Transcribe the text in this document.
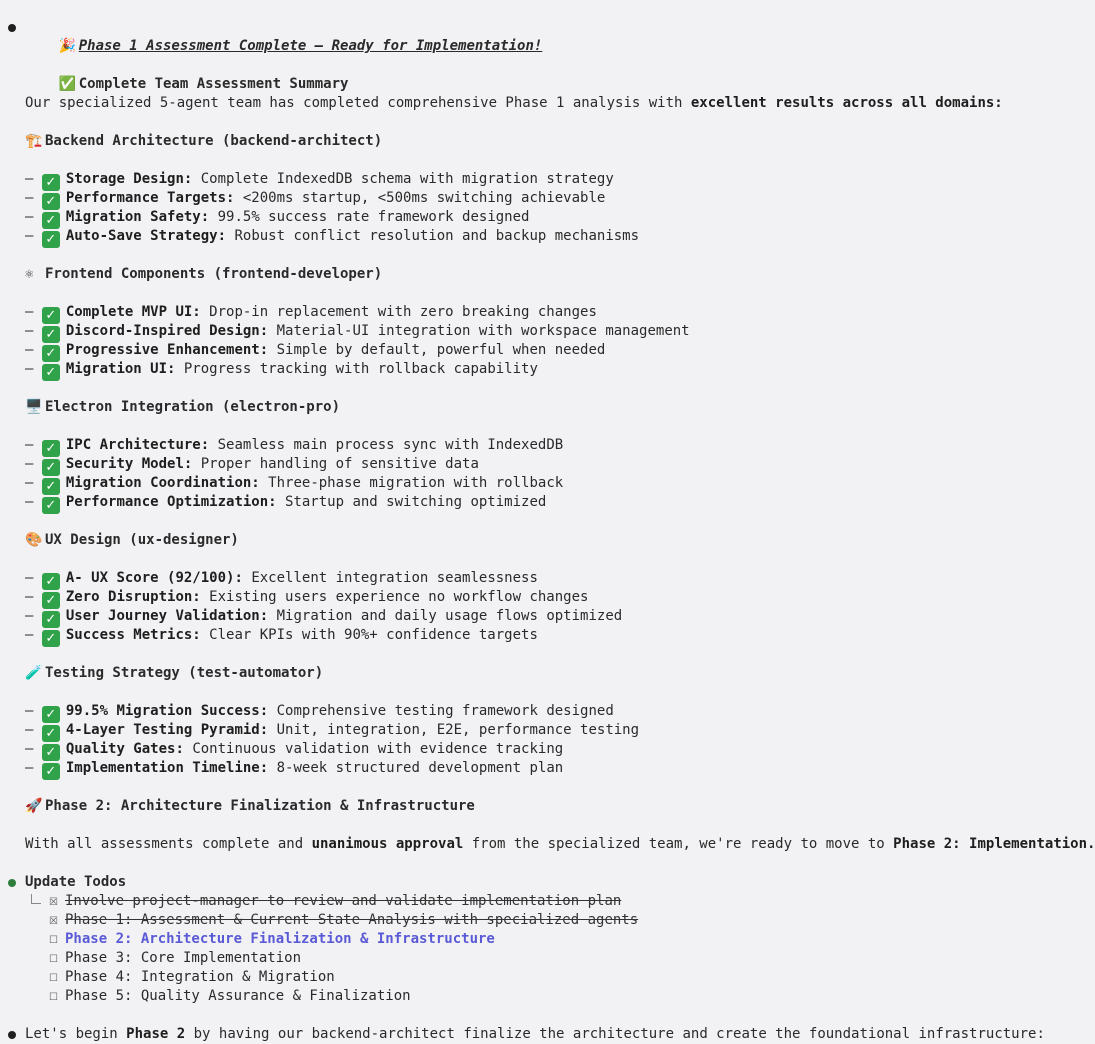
🎉 Phase 1 Assessment Complete – Ready for Implementation!

✅ Complete Team Assessment Summary

Our specialized 5-agent team has completed comprehensive Phase 1 analysis with excellent results across all domains:
🏗️ Backend Architecture (backend-architect)
– ✓ Storage Design: Complete IndexedDB schema with migration strategy
– ✓ Performance Targets: <200ms startup, <500ms switching achievable
– ✓ Migration Safety: 99.5% success rate framework designed
– ✓ Auto-Save Strategy: Robust conflict resolution and backup mechanisms
⚛ Frontend Components (frontend-developer)
– ✓ Complete MVP UI: Drop-in replacement with zero breaking changes
– ✓ Discord-Inspired Design: Material-UI integration with workspace management
– ✓ Progressive Enhancement: Simple by default, powerful when needed
– ✓ Migration UI: Progress tracking with rollback capability
🖥️ Electron Integration (electron-pro)
– ✓ IPC Architecture: Seamless main process sync with IndexedDB
– ✓ Security Model: Proper handling of sensitive data
– ✓ Migration Coordination: Three-phase migration with rollback
– ✓ Performance Optimization: Startup and switching optimized
🎨 UX Design (ux-designer)
– ✓ A- UX Score (92/100): Excellent integration seamlessness
– ✓ Zero Disruption: Existing users experience no workflow changes
– ✓ User Journey Validation: Migration and daily usage flows optimized
– ✓ Success Metrics: Clear KPIs with 90%+ confidence targets
🧪 Testing Strategy (test-automator)
– ✓ 99.5% Migration Success: Comprehensive testing framework designed
– ✓ 4-Layer Testing Pyramid: Unit, integration, E2E, performance testing
– ✓ Quality Gates: Continuous validation with evidence tracking
– ✓ Implementation Timeline: 8-week structured development plan
🚀 Phase 2: Architecture Finalization & Infrastructure
With all assessments complete and unanimous approval from the specialized team, we're ready to move to Phase 2: Implementation.
Update Todos
☒ Involve project-manager to review and validate implementation plan
☒ Phase 1: Assessment & Current State Analysis with specialized agents
☐ Phase 2: Architecture Finalization & Infrastructure
☐ Phase 3: Core Implementation
☐ Phase 4: Integration & Migration
☐ Phase 5: Quality Assurance & Finalization
Let's begin Phase 2 by having our backend-architect finalize the architecture and create the foundational infrastructure:
